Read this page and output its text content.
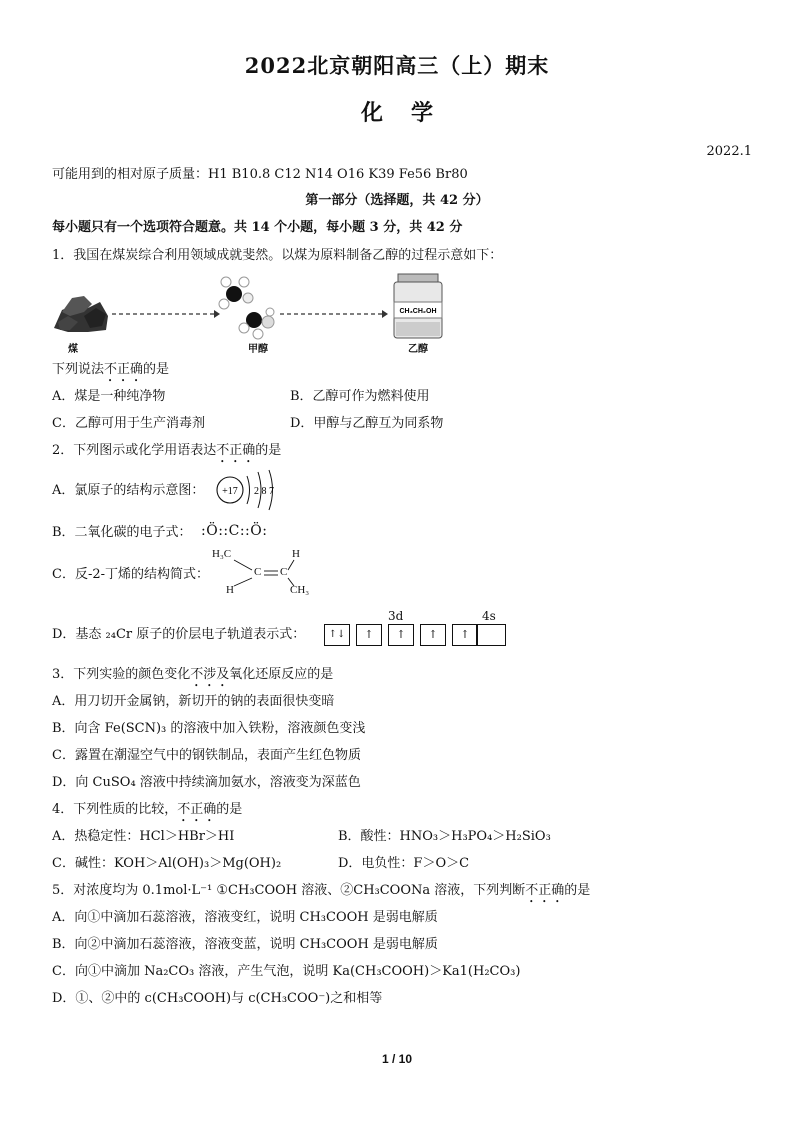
2022北京朝阳高三（上）期末
化学
2022.1
可能用到的相对原子质量：H1 B10.8 C12 N14 O16 K39 Fe56 Br80
第一部分（选择题，共 42 分）
每小题只有一个选项符合题意。共 14 个小题，每小题 3 分，共 42 分
1．我国在煤炭综合利用领域成就斐然。以煤为原料制备乙醇的过程示意如下：
CH₃CH₂OH
煤	甲醇	乙醇
下列说法不正确的是
A．煤是一种纯净物	B．乙醇可作为燃料使用
C．乙醇可用于生产消毒剂	D．甲醇与乙醇互为同系物
2．下列图示或化学用语表达不正确的是
A．氯原子的结构示意图： +17 2 8 7
B．二氧化碳的电子式： :Ö::C::Ö:
C．反-2-丁烯的结构简式：
H₃C	H
H	CH₃
C C
D．基态 ₂₄Cr 原子的价层电子轨道表示式：
3d	4s
↑↓	↑	↑	↑	↑
3．下列实验的颜色变化不涉及氧化还原反应的是
A．用刀切开金属钠，新切开的钠的表面很快变暗
B．向含 Fe(SCN)₃ 的溶液中加入铁粉，溶液颜色变浅
C．露置在潮湿空气中的钢铁制品，表面产生红色物质
D．向 CuSO₄ 溶液中持续滴加氨水，溶液变为深蓝色
4．下列性质的比较，不正确的是
A．热稳定性：HCl＞HBr＞HI	B．酸性：HNO₃＞H₃PO₄＞H₂SiO₃
C．碱性：KOH＞Al(OH)₃＞Mg(OH)₂	D．电负性：F＞O＞C
5．对浓度均为 0.1mol·L⁻¹ ①CH₃COOH 溶液、②CH₃COONa 溶液，下列判断不正确的是
A．向①中滴加石蕊溶液，溶液变红，说明 CH₃COOH 是弱电解质
B．向②中滴加石蕊溶液，溶液变蓝，说明 CH₃COOH 是弱电解质
C．向①中滴加 Na₂CO₃ 溶液，产生气泡，说明 Ka(CH₃COOH)＞Ka1(H₂CO₃)
D．①、②中的 c(CH₃COOH)与 c(CH₃COO⁻)之和相等
1 / 10
